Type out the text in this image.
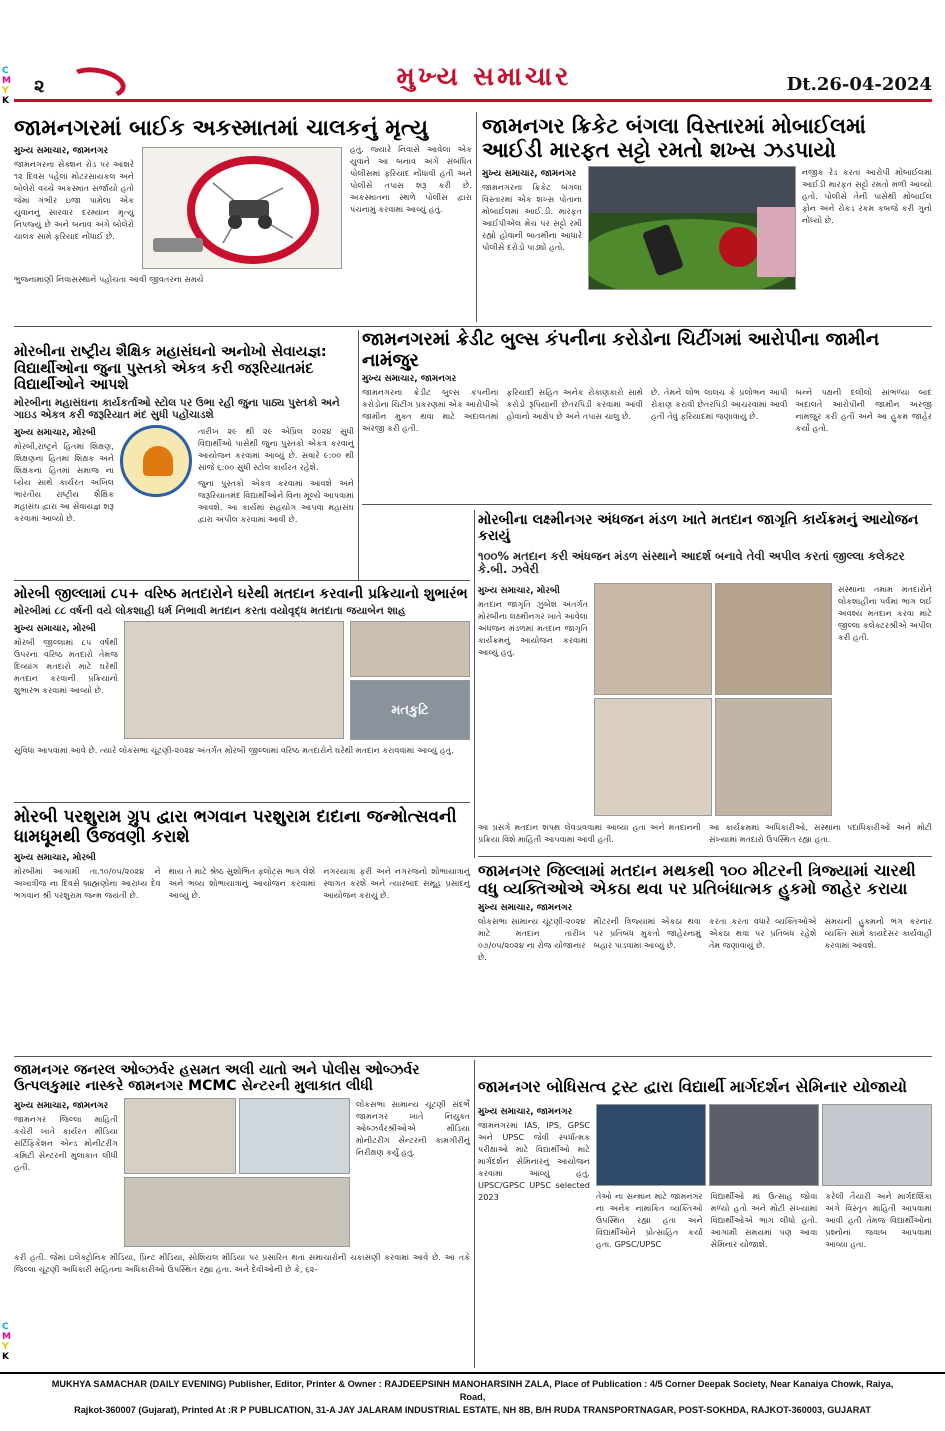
C
M
Y
K
C
M
Y
K
૨	મુખ્ય સમાચાર	Dt.26-04-2024
જામનગરમાં બાઈક અકસ્માતમાં ચાલકનું મૃત્યુ
મુખ્ય સમાચાર, જામનગર
જામનગરના સેક્શન રોડ પર આશરે ૧૨ દિવસ પહેલાં મોટરસાયકલ અને બોલેરો વચ્ચે અકસ્માત સર્જાયો હતો જેમાં ગંભીર ઇજા પામેલા એક યુવાનનું સારવાર દરમ્યાન મૃત્યુ નિપજ્યું છે અને બનાવ અંગે બોલેરો ચાલક સામે ફરિયાદ નોંધાઈ છે.
હતું. જ્યારે નિવાસે આવેલા એક યુવાને આ બનાવ અંગે સંબંધિત પોલીસમાં ફરિયાદ નોંધાવી હતી અને પોલીસે તપાસ શરૂ કરી છે. અકસ્માતના સ્થળે પોલીસ દ્વારા પંચનામું કરવામાં આવ્યું હતું.
ભુજનામાણી નિવાસસ્થાને પહોંચતા આવી જીવતરના સમયે
જામનગર ક્રિકેટ બંગલા વિસ્તારમાં મોબાઈલમાં આઈડી મારફત સટ્ટો રમતો શખ્સ ઝડપાયો
મુખ્ય સમાચાર, જામનગર
જામનગરના ક્રિકેટ બંગલા વિસ્તારમાં એક શખ્સ પોતાના મોબાઈલમાં આઈ.ડી. મારફત આઈપીએલ મેચ પર સટ્ટો રમી રહ્યો હોવાની બાતમીના આધારે પોલીસે દરોડો પાડ્યો હતો.
નજીક રેડ કરતા આરોપી મોબાઈલમાં આઈડી મારફત સટ્ટો રમતો મળી આવ્યો હતો. પોલીસે તેની પાસેથી મોબાઈલ ફોન અને રોકડ રકમ કબજે કરી ગુનો નોંધ્યો છે.
મોરબીના રાષ્ટ્રીય શૈક્ષિક મહાસંઘનો અનોખો સેવાયજ્ઞ: વિદ્યાર્થીઓના જુના પુસ્તકો એકત્ર કરી જરૂરિયાતમંદ વિદ્યાર્થીઓને આપશે
મોરબીના મહાસંઘના કાર્યકર્તાઓ સ્ટોલ પર ઉભા રહી જુના પાઠ્ય પુસ્તકો અને ગાઇડ એકત્ર કરી જરૂરિયાત મંદ સુધી પહોંચાડશે
મુખ્ય સમાચાર, મોરબી
મોરબી,રાષ્ટ્રને હિતમાં શિક્ષણ, શિક્ષણના હિતમાં શિક્ષક અને શિક્ષકના હિતમાં સમાજ ના ધ્યેય સાથે કાર્યરત અખિલ ભારતીય રાષ્ટ્રીય શૈક્ષિક મહાસંઘ દ્વારા આ સેવાયજ્ઞ શરૂ કરવામાં આવ્યો છે.
તારીખ ૨૯ થી ૨૯ એપ્રિલ ૨૦૨૪ સુધી વિદ્યાર્થીઓ પાસેથી જુના પુસ્તકો એકત્ર કરવાનું આયોજન કરવામાં આવ્યું છે. સવારે ૯:૦૦ થી સાંજે ૬:૦૦ સુધી સ્ટોલ કાર્યરત રહેશે.
જુના પુસ્તકો એકત્ર કરવામાં આવશે અને જરૂરિયાતમંદ વિદ્યાર્થીઓને વિના મૂલ્યે આપવામાં આવશે. આ કાર્યમાં સહયોગ આપવા મહાસંઘ દ્વારા અપીલ કરવામાં આવી છે.
જામનગરમાં ક્રેડીટ બુલ્સ કંપનીના કરોડોના ચિટીંગમાં આરોપીના જામીન નામંજુર
મુખ્ય સમાચાર, જામનગર
જામનગરના ક્રેડીટ બુલ્સ કંપનીના કરોડોના ચિટીંગ પ્રકરણમાં એક આરોપીએ જામીન મુક્ત થવા માટે અદાલતમાં અરજી કરી હતી.
ફરિયાદી સહિત અનેક રોકાણકારો સાથે કરોડો રૂપિયાની છેતરપિંડી કરવામાં આવી હોવાનો આક્ષેપ છે અને તપાસ ચાલુ છે.
છે. તેમને લોભ લાલચ કે પ્રલોભન આપી રોકાણ કરાવી છેતરપિંડી આચરવામાં આવી હતી તેવું ફરિયાદમાં જણાવાયું છે.
બન્ને પક્ષની દલીલો સાંભળ્યા બાદ અદાલતે આરોપીની જામીન અરજી નામંજુર કરી હતી અને આ હુકમ જાહેર કર્યો હતો.
મોરબીના લક્ષ્મીનગર અંધજન મંડળ ખાતે મતદાન જાગૃતિ કાર્યક્રમનું આયોજન કરાયું
૧૦૦% મતદાન કરી અંધજન મંડળ સંસ્થાને આદર્શ બનાવે તેવી અપીલ કરતાં જીલ્લા કલેક્ટર કે.બી. ઝવેરી
મુખ્ય સમાચાર, મોરબી
મતદાન જાગૃતિ ઝુંબેશ અંતર્ગત મોરબીના લક્ષ્મીનગર ખાતે આવેલા અંધજન મંડળમાં મતદાન જાગૃતિ કાર્યક્રમનું આયોજન કરવામાં આવ્યું હતું.
સંસ્થાના તમામ મતદારોને લોકશાહીના પર્વમાં ભાગ લઈ અવશ્ય મતદાન કરવા માટે જીલ્લા કલેક્ટરશ્રીએ અપીલ કરી હતી.
આ પ્રસંગે મતદાન શપથ લેવડાવવામાં આવ્યા હતા અને મતદાનની પ્રક્રિયા વિશે માહિતી આપવામાં આવી હતી.
આ કાર્યક્રમમાં અધિકારીઓ, સંસ્થાના પદાધિકારીઓ અને મોટી સંખ્યામાં મતદારો ઉપસ્થિત રહ્યા હતા.
મોરબી જીલ્લામાં ૮૫+ વરિષ્ઠ મતદારોને ઘરેથી મતદાન કરવાની પ્રક્રિયાનો શુભારંભ
મોરબીમાં ૮૮ વર્ષની વયે લોકશાહી ધર્મ નિભાવી મતદાન કરતા વયોવૃદ્ધ મતદાતા જયાબેન શાહ
મુખ્ય સમાચાર, મોરબી
મોરબી જીલ્લામાં ૮૫ વર્ષથી ઉપરના વરિષ્ઠ મતદારો તેમજ દિવ્યાંગ મતદારો માટે ઘરેથી મતદાન કરવાની પ્રક્રિયાનો શુભારંભ કરવામાં આવ્યો છે.
મતકુટિ
સુવિધા આપવામાં આવે છે. ત્યારે લોકસભા ચૂંટણી-૨૦૨૪ અંતર્ગત મોરબી જીલ્લામાં વરિષ્ઠ મતદારોને ઘરેથી મતદાન કરાવવામાં આવ્યું હતું.
મોરબી પરશુરામ ગ્રુપ દ્વારા ભગવાન પરશુરામ દાદાના જન્મોત્સવની ધામધૂમથી ઉજવણી કરાશે
મુખ્ય સમાચાર, મોરબી
મોરબીમાં આગામી તા.૧૦/૦૫/૨૦૨૪ ને અખાત્રીજ ના દિવસે બ્રાહ્મણોના આરાધ્ય દેવ ભગવાન શ્રી પરશુરામ જન્મ જયંતી છે.
થાય તે માટે શ્રેષ્ઠ સુશોભિત ફ્લોટ્સ ભાગ લેશે અને ભવ્ય શોભાયાત્રાનું આયોજન કરવામાં આવ્યું છે.
નગરયાત્રા ફરી અને નગરજનો શોભાયાત્રાનું સ્વાગત કરશે અને ત્યારબાદ સમૂહ પ્રસાદનું આયોજન કરાયું છે.
જામનગર જિલ્લામાં મતદાન મથકથી ૧૦૦ મીટરની ત્રિજ્યામાં ચારથી વધુ વ્યક્તિઓએ એકઠા થવા પર પ્રતિબંધાત્મક હુકમો જાહેર કરાયા
મુખ્ય સમાચાર, જામનગર
લોકસભા સામાન્ય ચૂંટણી-૨૦૨૪ માટે મતદાન તારીખ ૦૭/૦૫/૨૦૨૪ ના રોજ યોજાનાર છે.
મીટરની ત્રિજ્યામાં એકઠા થવા પર પ્રતિબંધ મુકતો જાહેરનામું બહાર પાડવામાં આવ્યું છે.
કરતા કરતા વધારે વ્યક્તિઓએ એકઠા થવા પર પ્રતિબંધ રહેશે તેમ જણાવાયું છે.
સમયની હુકમનો ભંગ કરનાર વ્યક્તિ સામે કાયદેસર કાર્યવાહી કરવામાં આવશે.
જામનગર જનરલ ઓબ્ઝર્વર હસમત અલી યાતો અને પોલીસ ઓબ્ઝર્વર ઉત્પલકુમાર નાસ્કરે જામનગર MCMC સેન્ટરની મુલાકાત લીધી
મુખ્ય સમાચાર, જામનગર
જામનગર જિલ્લા માહિતી કચેરી ખાતે કાર્યરત મીડિયા સર્ટિફિકેશન એન્ડ મોનીટરીંગ કમિટી સેન્ટરની મુલાકાત લીધી હતી.
લોકસભા સામાન્ય ચૂંટણી સંદર્ભે જામનગર ખાતે નિયુક્ત ઓબ્ઝર્વરશ્રીઓએ મીડિયા મોનીટરીંગ સેન્ટરની કામગીરીનું નિરીક્ષણ કર્યું હતું.
કરી હતી. જેમાં ઇલેક્ટ્રોનિક મીડિયા, પ્રિન્ટ મીડિયા, સોશિયલ મીડિયા પર પ્રસારિત થતા સમાચારોની ચકાસણી કરવામાં આવે છે. આ તકે જિલ્લા ચૂંટણી અધિકારી સહિતના અધિકારીઓ ઉપસ્થિત રહ્યા હતા. અને દેવીઓની છે કે, ૬૨-
જામનગર બોધિસત્વ ટ્રસ્ટ દ્વારા વિદ્યાર્થી માર્ગદર્શન સેમિનાર યોજાયો
મુખ્ય સમાચાર, જામનગર
જામનગરમાં IAS, IPS, GPSC અને UPSC જેવી સ્પર્ધાત્મક પરીક્ષાઓ માટે વિદ્યાર્થીઓ માટે માર્ગદર્શન સેમિનારનું આયોજન કરવામાં આવ્યું હતું. UPSC/GPSC UPSC selected 2023	તેઓ ના સન્માન માટે જામનગર ના અનેક નામાંકિત વ્યક્તિઓ ઉપસ્થિત રહ્યા હતા અને વિદ્યાર્થીઓને પ્રોત્સાહિત કર્યા હતા. GPSC/UPSC
વિદ્યાર્થીઓ માં ઉત્સાહ જોવા મળ્યો હતો અને મોટી સંખ્યામાં વિદ્યાર્થીઓએ ભાગ લીધો હતો. આગામી સમયમાં પણ આવા સેમિનાર યોજાશે.
કરેલી તૈયારી અને માર્ગદર્શિકા અંગે વિસ્તૃત માહિતી આપવામાં આવી હતી તેમજ વિદ્યાર્થીઓના પ્રશ્નોના જવાબ આપવામાં આવ્યા હતા.
MUKHYA SAMACHAR (DAILY EVENING) Publisher, Editor, Printer & Owner : RAJDEEPSINH MANOHARSINH ZALA, Place of Publication : 4/5 Corner Deepak Society, Near Kanaiya Chowk, Raiya, Road,
Rajkot-360007 (Gujarat), Printed At :R P PUBLICATION, 31-A JAY JALARAM INDUSTRIAL ESTATE, NH 8B, B/H RUDA TRANSPORTNAGAR, POST-SOKHDA, RAJKOT-360003, GUJARAT
